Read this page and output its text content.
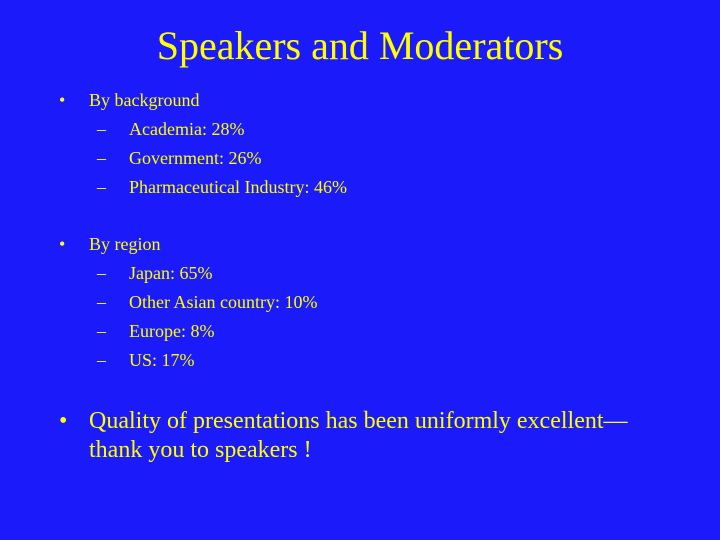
Speakers and Moderators
• By background
– Academia: 28%
– Government: 26%
– Pharmaceutical Industry: 46%
• By region
– Japan: 65%
– Other Asian country: 10%
– Europe: 8%
– US: 17%
• Quality of presentations has been uniformly excellent—
thank you to speakers !
